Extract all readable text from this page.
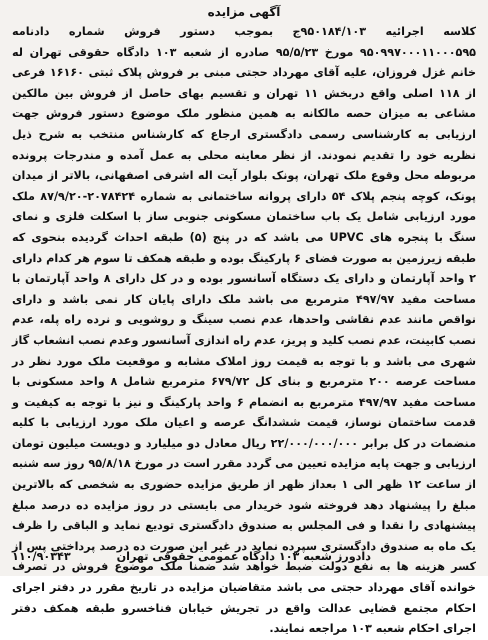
آگهی مزایده
کلاسه اجرائیه ۹۵۰۱۸۴/۱۰۳ج بموجب دستور فروش شماره دادنامه ۹۵۰۹۹۷۰۰۰۱۱۰۰۰۵۹۵ مورخ ۹۵/۵/۲۳ صادره از شعبه ۱۰۳ دادگاه حقوقی تهران له خانم غزل فروزان، علیه آقای مهرداد حجتی مبنی بر فروش پلاک ثبتی ۱۶۱۶۰ فرعی از ۱۱۸ اصلی واقع دربخش ۱۱ تهران و تقسیم بهای حاصل از فروش بین مالکین مشاعی به میزان حصه مالکانه به همین منظور ملک موضوع دستور فروش جهت ارزیابی به کارشناسی رسمی دادگستری ارجاع که کارشناس منتخب به شرح ذیل نظریه خود را تقدیم نمودند. از نظر معاینه محلی به عمل آمده و مندرجات پرونده مربوطه محل وقوع ملک تهران، پونک بلوار آیت اله اشرفی اصفهانی، بالاتر از میدان پونک، کوچه پنجم پلاک ۵۴ دارای پروانه ساختمانی به شماره ۲۰۷۸۴۲۴-۸۷/۹/۲۰ ملک مورد ارزیابی شامل یک باب ساختمان مسکونی جنوبی ساز با اسکلت فلزی و نمای سنگ با پنجره های UPVC می باشد که در پنج (۵) طبقه احداث گردیده بنحوی که طبقه زیرزمین به صورت فضای ۶ پارکینگ بوده و طبقه همکف تا سوم هر کدام دارای ۲ واحد آپارتمان و دارای یک دستگاه آسانسور بوده و در کل دارای ۸ واحد آپارتمان با مساحت مفید ۴۹۷/۹۷ مترمربع می باشد ملک دارای پایان کار نمی باشد و دارای نواقص مانند عدم نقاشی واحدها، عدم نصب سینگ و روشویی و نرده راه پله، عدم نصب کابینت، عدم نصب کلید و پریز، عدم راه اندازی آسانسور وعدم نصب انشعاب گاز شهری می باشد و با توجه به قیمت روز املاک مشابه و موقعیت ملک مورد نظر در مساحت عرصه ۲۰۰ مترمربع و بنای کل ۶۷۹/۷۲ مترمربع شامل ۸ واحد مسکونی با مساحت مفید ۴۹۷/۹۷ مترمربع به انضمام ۶ واحد پارکینگ و نیز با توجه به کیفیت و قدمت ساختمان نوساز، قیمت ششدانگ عرصه و اعیان ملک مورد ارزیابی با کلیه منضمات در کل برابر ۲۲/۰۰۰/۰۰۰/۰۰۰ ریال معادل دو میلیارد و دویست میلیون تومان ارزیابی و جهت پایه مزایده تعیین می گردد مقرر است در مورخ ۹۵/۸/۱۸ روز سه شنبه از ساعت ۱۲ ظهر الی ۱ بعداز ظهر از طریق مزایده حضوری به شخصی که بالاترین مبلغ را پیشنهاد دهد فروخته شود خریدار می بایستی در روز مزایده ده درصد مبلغ پیشنهادی را نقدا و فی المجلس به صندوق دادگستری تودیع نماید و الباقی را ظرف یک ماه به صندوق دادگستری سپرده نماید در غیر این صورت ده درصد پرداختی پس از کسر هزینه ها به نفع دولت ضبط خواهد شد ضمنا ملک موضوع فروش در تصرف خوانده آقای مهرداد حجتی می باشد متقاضیان مزایده در تاریخ مقرر در دفتر اجرای احکام مجتمع قضایی عدالت واقع در تجریش خیابان فناخسرو طبقه همکف دفتر اجرای احکام شعبه ۱۰۳ مراجعه نمایند.
دادورز شعبه ۱۰۳ دادگاه عمومی حقوقی تهران
۱۱۰/۹۰۳۴۳
